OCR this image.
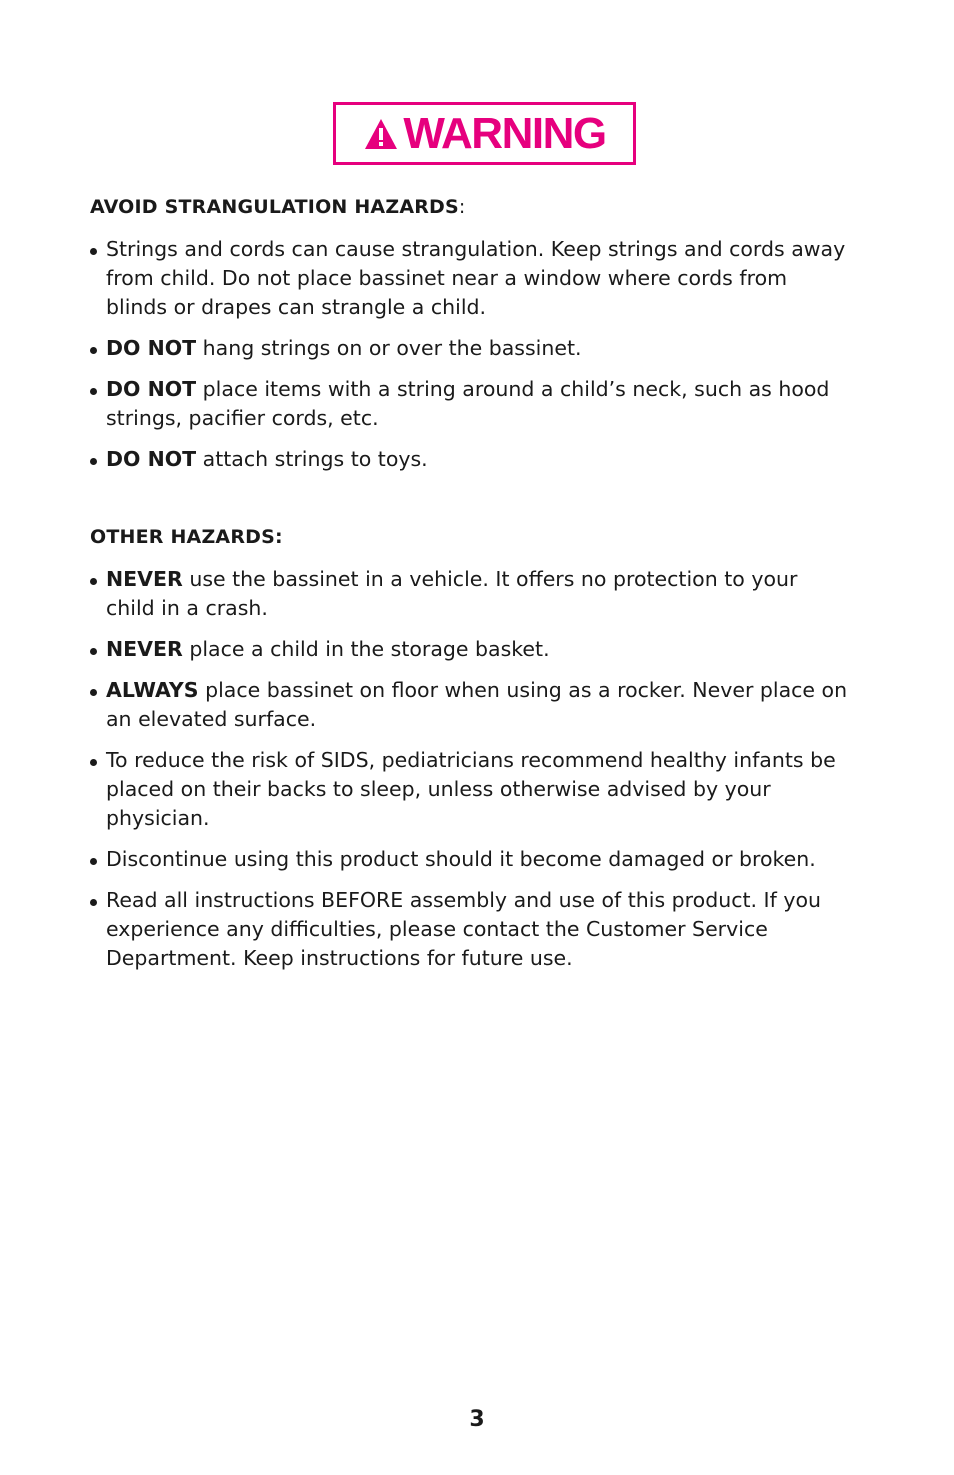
WARNING
AVOID STRANGULATION HAZARDS:
Strings and cords can cause strangulation. Keep strings and cords away from child. Do not place bassinet near a window where cords from blinds or drapes can strangle a child.
DO NOT hang strings on or over the bassinet.
DO NOT place items with a string around a child’s neck, such as hood strings, pacifier cords, etc.
DO NOT attach strings to toys.
OTHER HAZARDS:
NEVER use the bassinet in a vehicle. It offers no protection to your child in a crash.
NEVER place a child in the storage basket.
ALWAYS place bassinet on floor when using as a rocker. Never place on an elevated surface.
To reduce the risk of SIDS, pediatricians recommend healthy infants be placed on their backs to sleep, unless otherwise advised by your physician.
Discontinue using this product should it become damaged or broken.
Read all instructions BEFORE assembly and use of this product. If you experience any difficulties, please contact the Customer Service Department. Keep instructions for future use.
3
